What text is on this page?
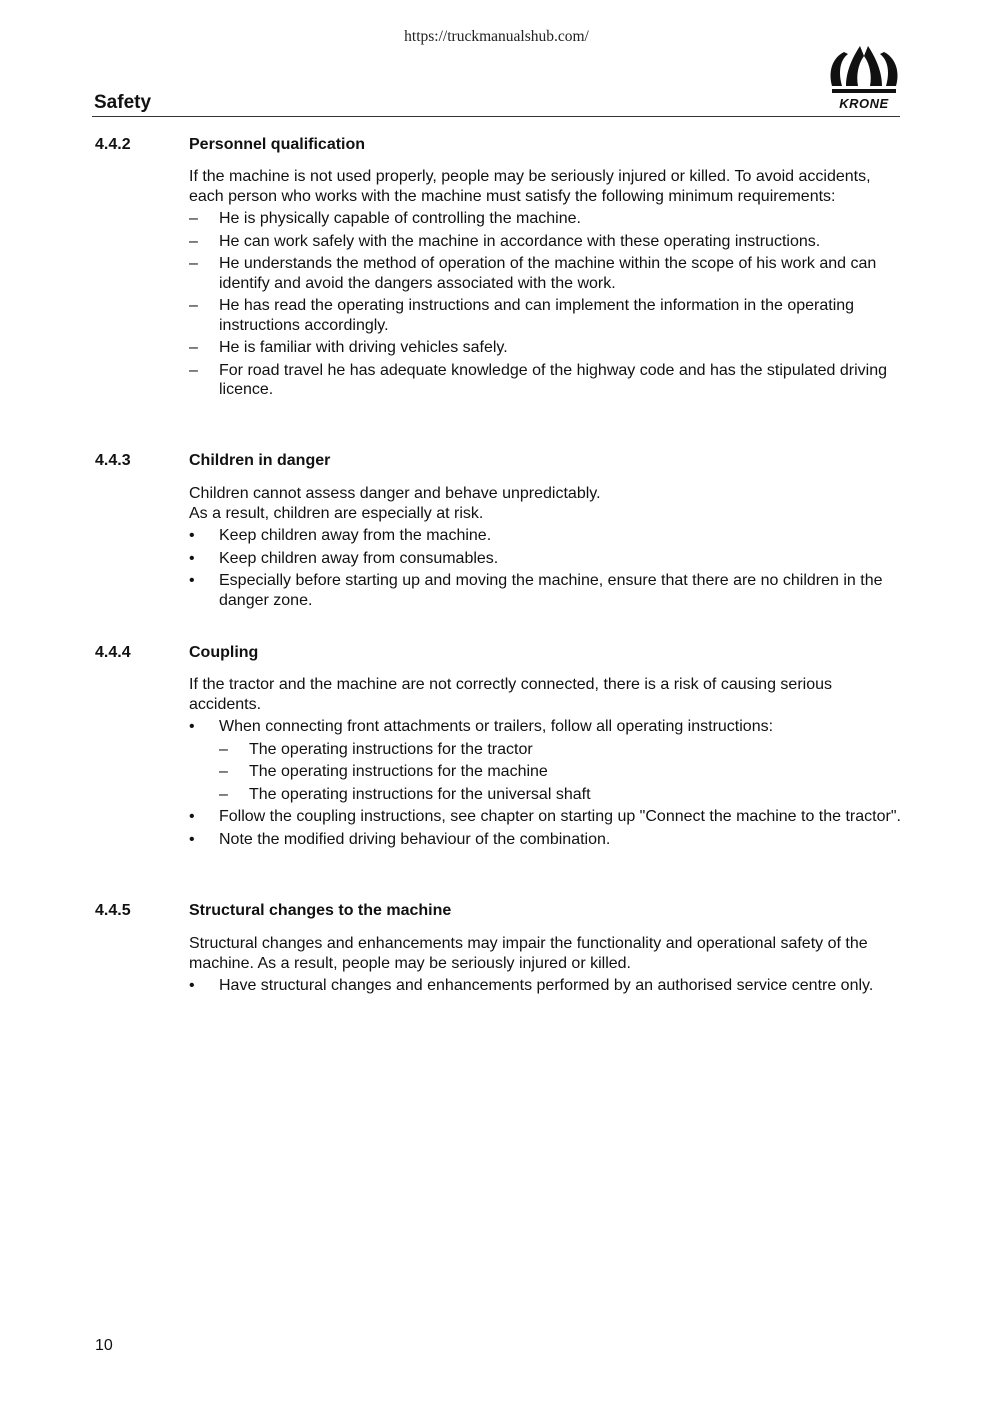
https://truckmanualshub.com/
Safety	KRONE
4.4.2	Personnel qualification

If the machine is not used properly, people may be seriously injured or killed. To avoid accidents, each person who works with the machine must satisfy the following minimum requirements:

–	He is physically capable of controlling the machine.
–	He can work safely with the machine in accordance with these operating instructions.
–	He understands the method of operation of the machine within the scope of his work and can identify and avoid the dangers associated with the work.
–	He has read the operating instructions and can implement the information in the operating instructions accordingly.
–	He is familiar with driving vehicles safely.
–	For road travel he has adequate knowledge of the highway code and has the stipulated driving licence.
4.4.3	Children in danger

Children cannot assess danger and behave unpredictably.

As a result, children are especially at risk.

•	Keep children away from the machine.
•	Keep children away from consumables.
•	Especially before starting up and moving the machine, ensure that there are no children in the danger zone.
4.4.4	Coupling

If the tractor and the machine are not correctly connected, there is a risk of causing serious accidents.

•	When connecting front attachments or trailers, follow all operating instructions:
–	The operating instructions for the tractor
–	The operating instructions for the machine
–	The operating instructions for the universal shaft
•	Follow the coupling instructions, see chapter on starting up "Connect the machine to the tractor".
•	Note the modified driving behaviour of the combination.
4.4.5	Structural changes to the machine

Structural changes and enhancements may impair the functionality and operational safety of the machine. As a result, people may be seriously injured or killed.

•	Have structural changes and enhancements performed by an authorised service centre only.
10
